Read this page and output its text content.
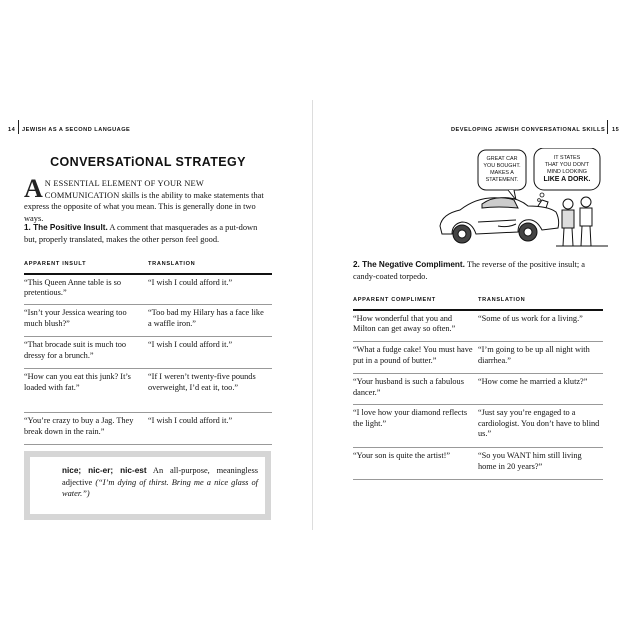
14 JEWISH AS A SECOND LANGUAGE
CONVERSATiONAL STRATEGY
A N ESSENTIAL ELEMENT OF YOUR NEW COMMUNICATION skills is the ability to make statements that express the opposite of what you mean. This is generally done in two ways.
1. The Positive Insult. A comment that masquerades as a put-down but, properly translated, makes the other person feel good.
APPARENT INSULT	TRANSLATION
“This Queen Anne table is so pretentious.”	“I wish I could afford it.”
“Isn’t your Jessica wearing too much blush?”	“Too bad my Hilary has a face like a waffle iron.”
“That brocade suit is much too dressy for a brunch.”	“I wish I could afford it.”
“How can you eat this junk? It’s loaded with fat.”	“If I weren’t twenty-five pounds overweight, I’d eat it, too.”
“You’re crazy to buy a Jag. They break down in the rain.”	“I wish I could afford it.”
nice; nic-er; nic-est An all-purpose, meaningless adjective (“I’m dying of thirst. Bring me a nice glass of water.”)
DEVELOPING JEWISH CONVERSATIONAL SKILLS 15
GREAT CAR
YOU BOUGHT.
MAKES A
STATEMENT.
IT STATES
THAT YOU DON'T
MIND LOOKING
LIKE A DORK.
2. The Negative Compliment. The reverse of the positive insult; a candy-coated torpedo.
APPARENT COMPLIMENT	TRANSLATION
“How wonderful that you and Milton can get away so often.”	“Some of us work for a living.”
“What a fudge cake! You must have put in a pound of butter.”	“I’m going to be up all night with diarrhea.”
“Your husband is such a fabulous dancer.”	“How come he married a klutz?”
“I love how your diamond reflects the light.”	“Just say you’re engaged to a cardiologist. You don’t have to blind us.”
“Your son is quite the artist!”	“So you WANT him still living home in 20 years?”
